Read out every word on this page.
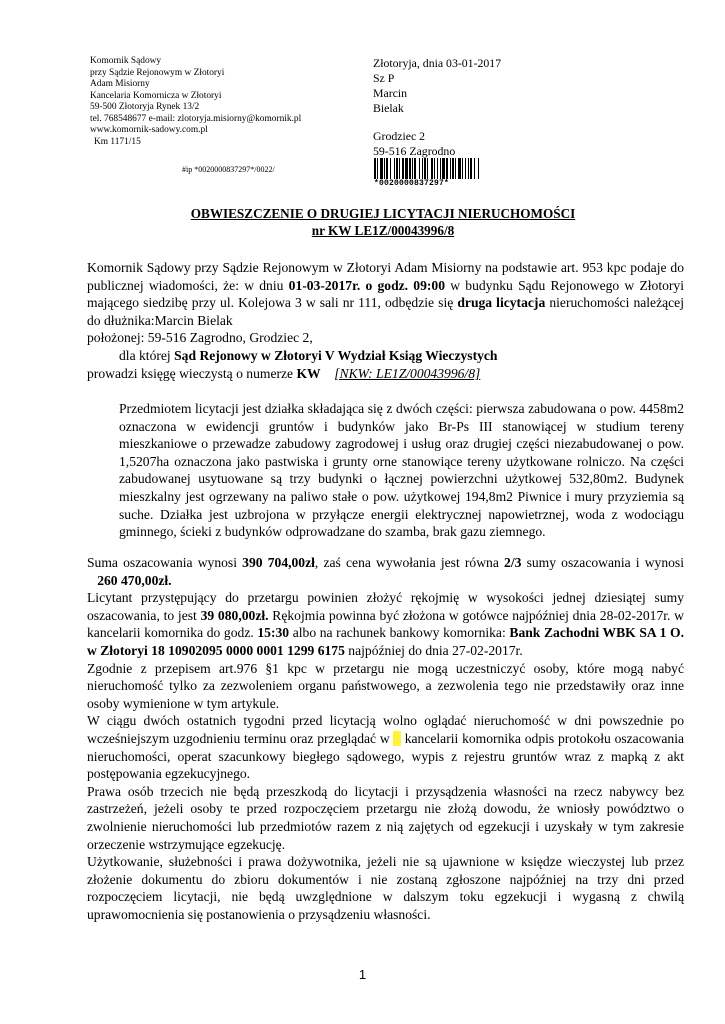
Komornik Sądowy
przy Sądzie Rejonowym w Złotoryi
Adam Misiorny
Kancelaria Komornicza w Złotoryi
59-500 Złotoryja Rynek 13/2
tel. 768548677 e-mail: zlotoryja.misiorny@komornik.pl
www.komornik-sadowy.com.pl
Km 1171/15
Złotoryja, dnia 03-01-2017
Sz P
Marcin
Bielak
Grodziec 2
59-516 Zagrodno
#ip *0020000837297*/0022/
*0020000837297*
OBWIESZCZENIE O DRUGIEJ LICYTACJI NIERUCHOMOŚCI
nr KW LE1Z/00043996/8

Komornik Sądowy przy Sądzie Rejonowym w Złotoryi Adam Misiorny na podstawie art. 953 kpc podaje do publicznej wiadomości, że: w dniu 01-03-2017r. o godz. 09:00 w budynku Sądu Rejonowego w Złotoryi mającego siedzibę przy ul. Kolejowa 3 w sali nr 111, odbędzie się druga licytacja nieruchomości należącej do dłużnika:Marcin Bielak

położonej: 59-516 Zagrodno, Grodziec 2,

dla której Sąd Rejonowy w Złotoryi V Wydział Ksiąg Wieczystych

prowadzi księgę wieczystą o numerze KW [NKW: LE1Z/00043996/8]

Przedmiotem licytacji jest działka składająca się z dwóch części: pierwsza zabudowana o pow. 4458m2 oznaczona w ewidencji gruntów i budynków jako Br-Ps III stanowiącej w studium tereny mieszkaniowe o przewadze zabudowy zagrodowej i usług oraz drugiej części niezabudowanej o pow. 1,5207ha oznaczona jako pastwiska i grunty orne stanowiące tereny użytkowane rolniczo. Na części zabudowanej usytuowane są trzy budynki o łącznej powierzchni użytkowej 532,80m2. Budynek mieszkalny jest ogrzewany na paliwo stałe o pow. użytkowej 194,8m2 Piwnice i mury przyziemia są suche. Działka jest uzbrojona w przyłącze energii elektrycznej napowietrznej, woda z wodociągu gminnego, ścieki z budynków odprowadzane do szamba, brak gazu ziemnego.

Suma oszacowania wynosi 390 704,00zł, zaś cena wywołania jest równa 2/3 sumy oszacowania i wynosi    260 470,00zł.

Licytant przystępujący do przetargu powinien złożyć rękojmię w wysokości jednej dziesiątej sumy oszacowania, to jest 39 080,00zł. Rękojmia powinna być złożona w gotówce najpóźniej dnia 28-02-2017r. w kancelarii komornika do godz. 15:30 albo na rachunek bankowy komornika: Bank Zachodni WBK SA 1 O. w Złotoryi 18 10902095 0000 0001 1299 6175 najpóźniej do dnia 27-02-2017r.

Zgodnie z przepisem art.976 §1 kpc w przetargu nie mogą uczestniczyć osoby, które mogą nabyć nieruchomość tylko za zezwoleniem organu państwowego, a zezwolenia tego nie przedstawiły oraz inne osoby wymienione w tym artykule.

W ciągu dwóch ostatnich tygodni przed licytacją wolno oglądać nieruchomość w dni powszednie po wcześniejszym uzgodnieniu terminu oraz przeglądać w    kancelarii komornika odpis protokołu oszacowania nieruchomości, operat szacunkowy biegłego sądowego, wypis z rejestru gruntów wraz z mapką z akt postępowania egzekucyjnego.

Prawa osób trzecich nie będą przeszkodą do licytacji i przysądzenia własności na rzecz nabywcy bez zastrzeżeń, jeżeli osoby te przed rozpoczęciem przetargu nie złożą dowodu, że wniosły powództwo o zwolnienie nieruchomości lub przedmiotów razem z nią zajętych od egzekucji i uzyskały w tym zakresie orzeczenie wstrzymujące egzekucję.

Użytkowanie, służebności i prawa dożywotnika, jeżeli nie są ujawnione w księdze wieczystej lub przez złożenie dokumentu do zbioru dokumentów i nie zostaną zgłoszone najpóźniej na trzy dni przed rozpoczęciem licytacji, nie będą uwzględnione w dalszym toku egzekucji i wygasną z chwilą uprawomocnienia się postanowienia o przysądzeniu własności.

1
